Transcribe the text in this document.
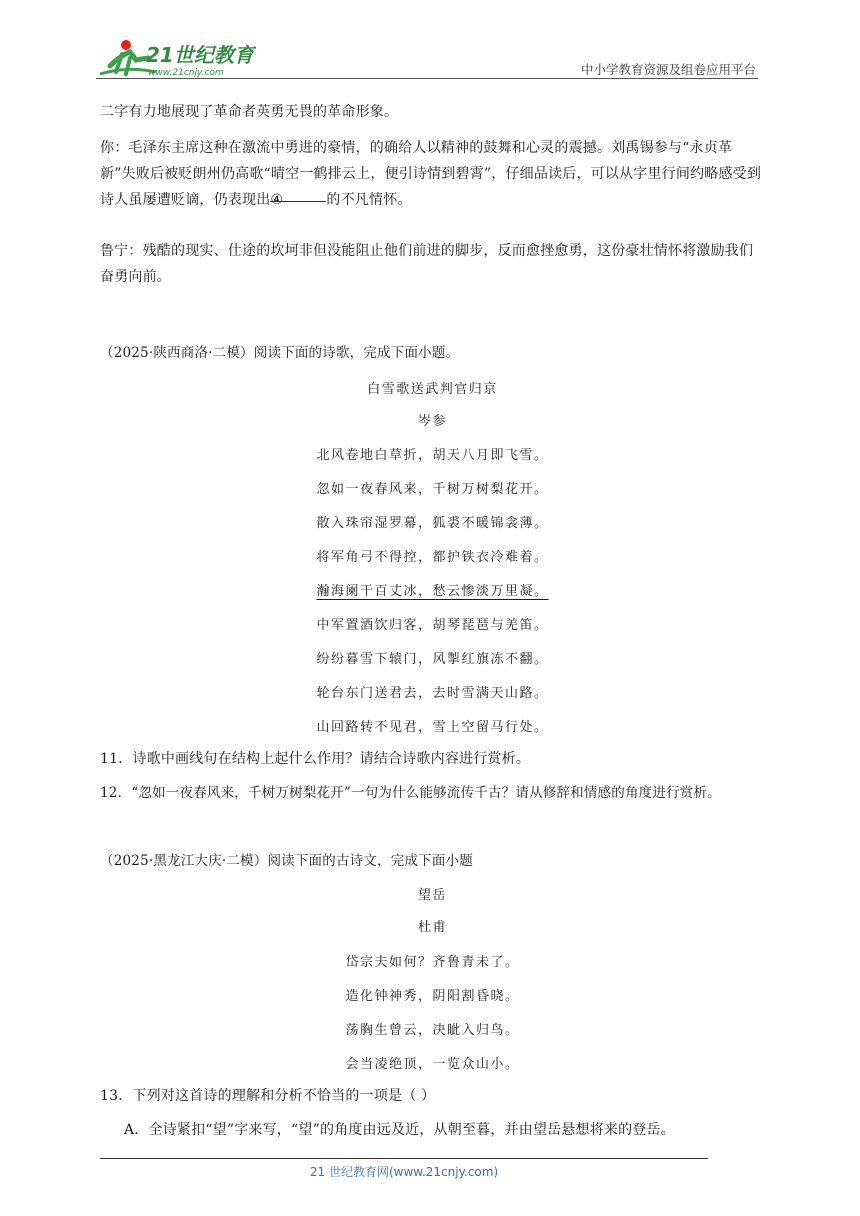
21世纪教育
www.21cnjy.com	中小学教育资源及组卷应用平台
二字有力地展现了革命者英勇无畏的革命形象。
你：毛泽东主席这种在激流中勇进的豪情，的确给人以精神的鼓舞和心灵的震撼。刘禹锡参与“永贞革新”失败后被贬朗州仍高歌“晴空一鹤排云上，便引诗情到碧霄”，仔细品读后，可以从字里行间约略感受到诗人虽屡遭贬谪，仍表现出④	的不凡情怀。
鲁宁：残酷的现实、仕途的坎坷非但没能阻止他们前进的脚步，反而愈挫愈勇，这份豪壮情怀将激励我们奋勇向前。
（2025·陕西商洛·二模）阅读下面的诗歌，完成下面小题。
白雪歌送武判官归京
岑参
北风卷地白草折，胡天八月即飞雪。
忽如一夜春风来，千树万树梨花开。
散入珠帘湿罗幕，狐裘不暖锦衾薄。
将军角弓不得控，都护铁衣冷难着。
瀚海阑干百丈冰，愁云惨淡万里凝。
中军置酒饮归客，胡琴琵琶与羌笛。
纷纷暮雪下辕门，风掣红旗冻不翻。
轮台东门送君去，去时雪满天山路。
山回路转不见君，雪上空留马行处。
11．诗歌中画线句在结构上起什么作用？请结合诗歌内容进行赏析。
12．“忽如一夜春风来，千树万树梨花开”一句为什么能够流传千古？请从修辞和情感的角度进行赏析。
（2025·黑龙江大庆·二模）阅读下面的古诗文，完成下面小题
望岳
杜甫
岱宗夫如何？齐鲁青未了。
造化钟神秀，阴阳割昏晓。
荡胸生曾云，决眦入归鸟。
会当凌绝顶，一览众山小。
13．下列对这首诗的理解和分析不恰当的一项是（ ）
A．全诗紧扣“望”字来写，“望”的角度由远及近，从朝至暮，并由望岳悬想将来的登岳。
21 世纪教育网(www.21cnjy.com)
